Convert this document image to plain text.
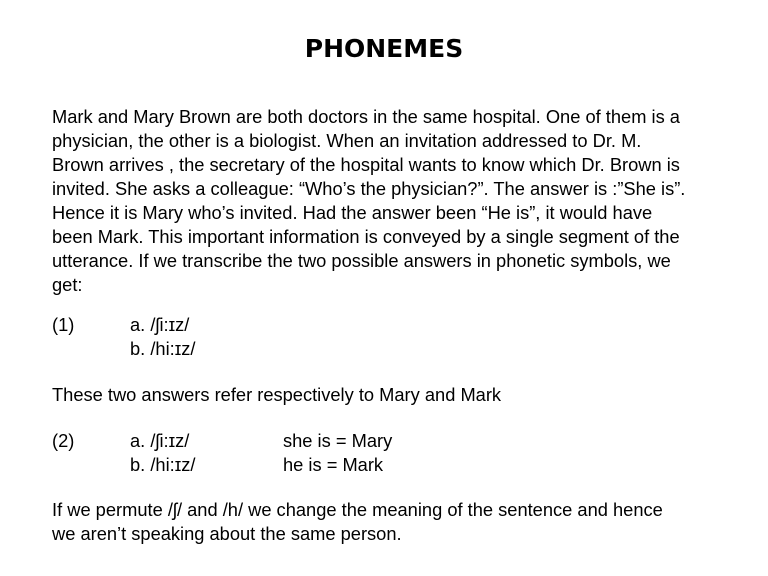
PHONEMES
Mark and Mary Brown are both doctors in the same hospital. One of them is a
physician, the other is a biologist. When an invitation addressed to Dr. M.
Brown arrives , the secretary of the hospital wants to know which Dr. Brown is
invited. She asks a colleague: “Who’s the physician?”. The answer is :”She is”.
Hence it is Mary who’s invited. Had the answer been “He is”, it would have
been Mark. This important information is conveyed by a single segment of the
utterance. If we transcribe the two possible answers in phonetic symbols, we
get:
(1)	a. /ʃi:ɪz/
b. /hi:ɪz/
These two answers refer respectively to Mary and Mark
(2)	a. /ʃi:ɪz/	she is = Mary
b. /hi:ɪz/	he is = Mark
If we permute /ʃ/ and /h/ we change the meaning of the sentence and hence
we aren’t speaking about the same person.
